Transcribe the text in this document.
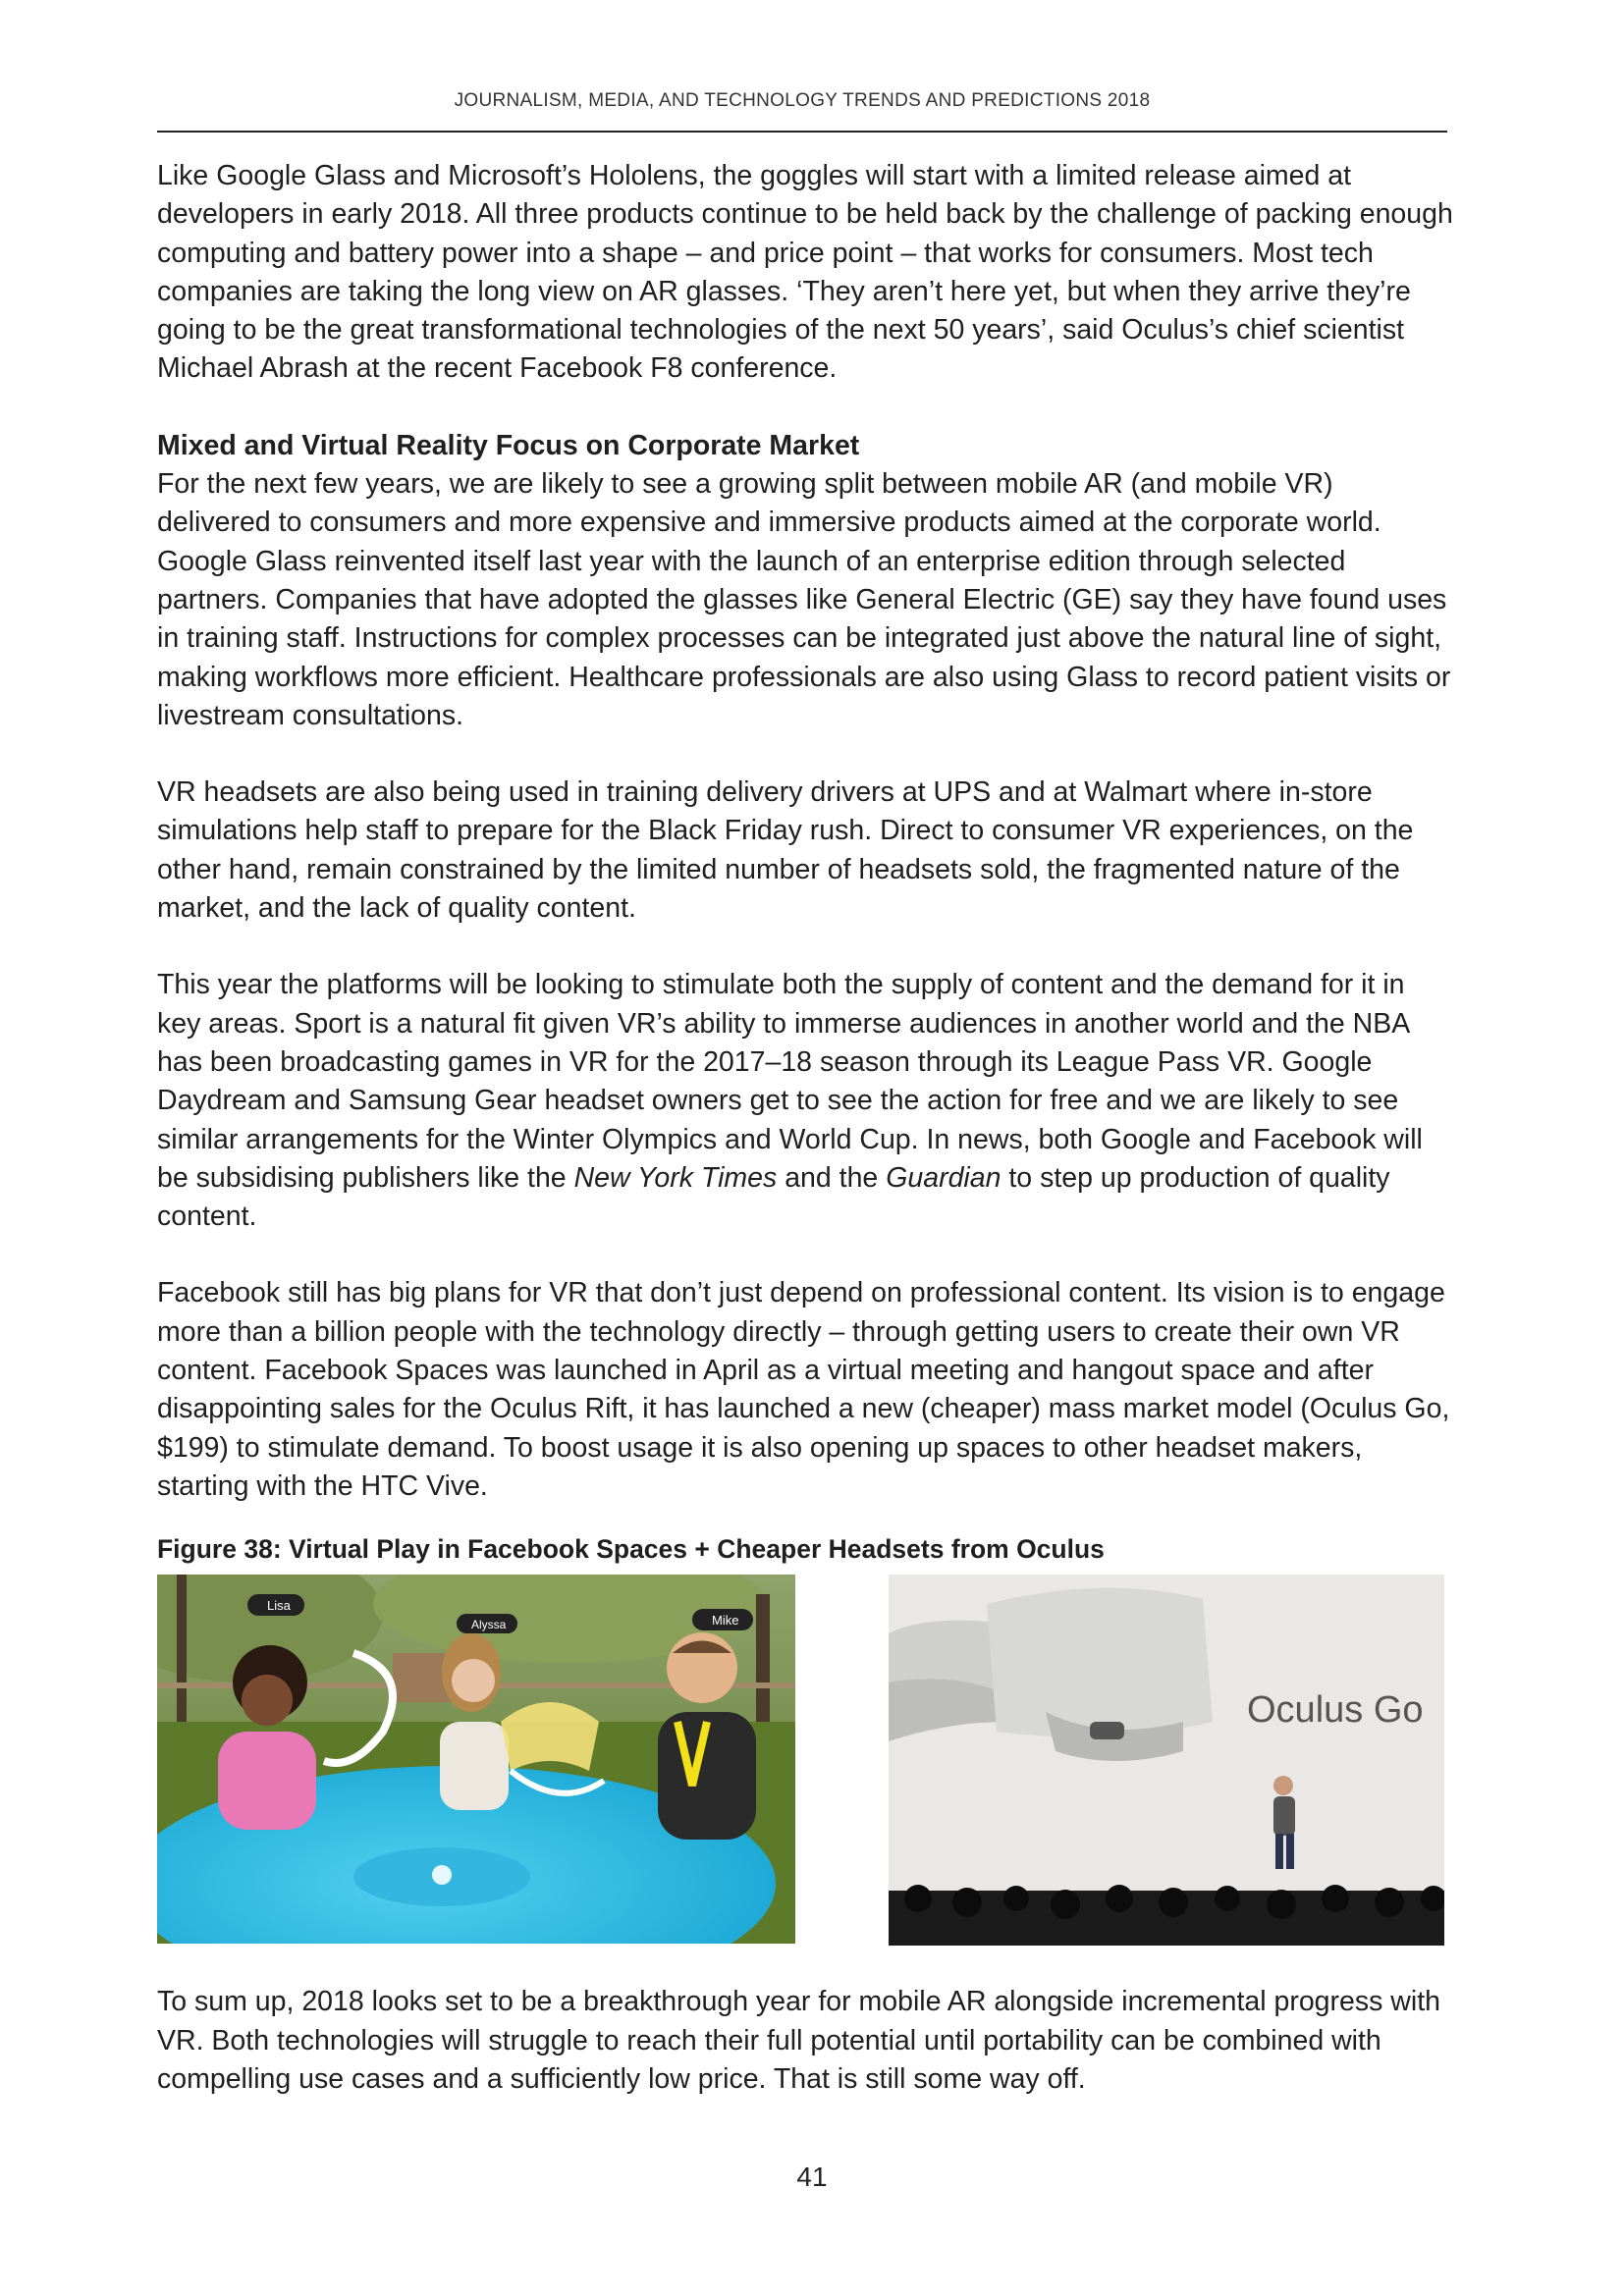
JOURNALISM, MEDIA, AND TECHNOLOGY TRENDS AND PREDICTIONS 2018

Like Google Glass and Microsoft’s Hololens, the goggles will start with a limited release aimed at developers in early 2018. All three products continue to be held back by the challenge of packing enough computing and battery power into a shape – and price point – that works for consumers. Most tech companies are taking the long view on AR glasses. ‘They aren’t here yet, but when they arrive they’re going to be the great transformational technologies of the next 50 years’, said Oculus’s chief scientist Michael Abrash at the recent Facebook F8 conference.

Mixed and Virtual Reality Focus on Corporate Market

For the next few years, we are likely to see a growing split between mobile AR (and mobile VR) delivered to consumers and more expensive and immersive products aimed at the corporate world. Google Glass reinvented itself last year with the launch of an enterprise edition through selected partners. Companies that have adopted the glasses like General Electric (GE) say they have found uses in training staff. Instructions for complex processes can be integrated just above the natural line of sight, making workflows more efficient. Healthcare professionals are also using Glass to record patient visits or livestream consultations.

VR headsets are also being used in training delivery drivers at UPS and at Walmart where in-store simulations help staff to prepare for the Black Friday rush. Direct to consumer VR experiences, on the other hand, remain constrained by the limited number of headsets sold, the fragmented nature of the market, and the lack of quality content.

This year the platforms will be looking to stimulate both the supply of content and the demand for it in key areas. Sport is a natural fit given VR’s ability to immerse audiences in another world and the NBA has been broadcasting games in VR for the 2017–18 season through its League Pass VR. Google Daydream and Samsung Gear headset owners get to see the action for free and we are likely to see similar arrangements for the Winter Olympics and World Cup. In news, both Google and Facebook will be subsidising publishers like the New York Times and the Guardian to step up production of quality content.

Facebook still has big plans for VR that don’t just depend on professional content. Its vision is to engage more than a billion people with the technology directly – through getting users to create their own VR content. Facebook Spaces was launched in April as a virtual meeting and hangout space and after disappointing sales for the Oculus Rift, it has launched a new (cheaper) mass market model (Oculus Go, $199) to stimulate demand. To boost usage it is also opening up spaces to other headset makers, starting with the HTC Vive.

Figure 38: Virtual Play in Facebook Spaces + Cheaper Headsets from Oculus
Lisa
Alyssa	Mike
Oculus Go

To sum up, 2018 looks set to be a breakthrough year for mobile AR alongside incremental progress with VR. Both technologies will struggle to reach their full potential until portability can be combined with compelling use cases and a sufficiently low price. That is still some way off.

41
